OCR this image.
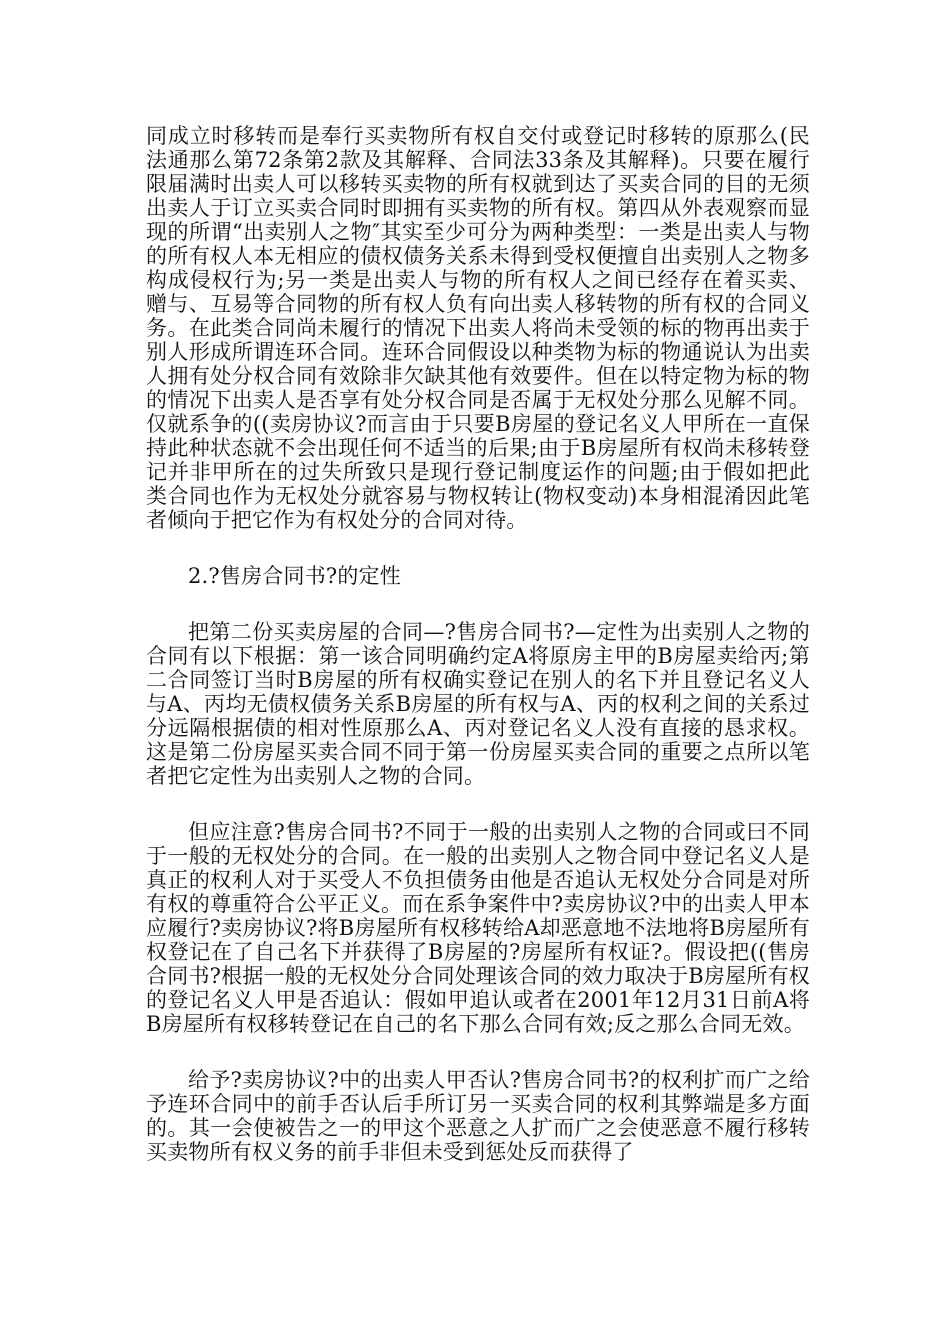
同成立时移转而是奉行买卖物所有权自交付或登记时移转的原那么(民法通那么第72条第2款及其解释、合同法33条及其解释)。只要在履行限届满时出卖人可以移转买卖物的所有权就到达了买卖合同的目的无须出卖人于订立买卖合同时即拥有买卖物的所有权。第四从外表观察而显现的所谓“出卖别人之物″其实至少可分为两种类型：一类是出卖人与物的所有权人本无相应的债权债务关系未得到受权便擅自出卖别人之物多构成侵权行为;另一类是出卖人与物的所有权人之间已经存在着买卖、赠与、互易等合同物的所有权人负有向出卖人移转物的所有权的合同义务。在此类合同尚未履行的情况下出卖人将尚未受领的标的物再出卖于别人形成所谓连环合同。连环合同假设以种类物为标的物通说认为出卖人拥有处分权合同有效除非欠缺其他有效要件。但在以特定物为标的物的情况下出卖人是否享有处分权合同是否属于无权处分那么见解不同。仅就系争的((卖房协议?而言由于只要B房屋的登记名义人甲所在一直保持此种状态就不会出现任何不适当的后果;由于B房屋所有权尚未移转登记并非甲所在的过失所致只是现行登记制度运作的问题;由于假如把此类合同也作为无权处分就容易与物权转让(物权变动)本身相混淆因此笔者倾向于把它作为有权处分的合同对待。

2.?售房合同书?的定性

把第二份买卖房屋的合同—?售房合同书?—定性为出卖别人之物的合同有以下根据：第一该合同明确约定A将原房主甲的B房屋卖给丙;第二合同签订当时B房屋的所有权确实登记在别人的名下并且登记名义人与A、丙均无债权债务关系B房屋的所有权与A、丙的权利之间的关系过分远隔根据债的相对性原那么A、丙对登记名义人没有直接的恳求权。这是第二份房屋买卖合同不同于第一份房屋买卖合同的重要之点所以笔者把它定性为出卖别人之物的合同。

但应注意?售房合同书?不同于一般的出卖别人之物的合同或曰不同于一般的无权处分的合同。在一般的出卖别人之物合同中登记名义人是真正的权利人对于买受人不负担债务由他是否追认无权处分合同是对所有权的尊重符合公平正义。而在系争案件中?卖房协议?中的出卖人甲本应履行?卖房协议?将B房屋所有权移转给A却恶意地不法地将B房屋所有权登记在了自己名下并获得了B房屋的?房屋所有权证?。假设把((售房合同书?根据一般的无权处分合同处理该合同的效力取决于B房屋所有权的登记名义人甲是否追认：假如甲追认或者在2001年12月31日前A将B房屋所有权移转登记在自己的名下那么合同有效;反之那么合同无效。

给予?卖房协议?中的出卖人甲否认?售房合同书?的权利扩而广之给予连环合同中的前手否认后手所订另一买卖合同的权利其弊端是多方面的。其一会使被告之一的甲这个恶意之人扩而广之会使恶意不履行移转买卖物所有权义务的前手非但未受到惩处反而获得了
